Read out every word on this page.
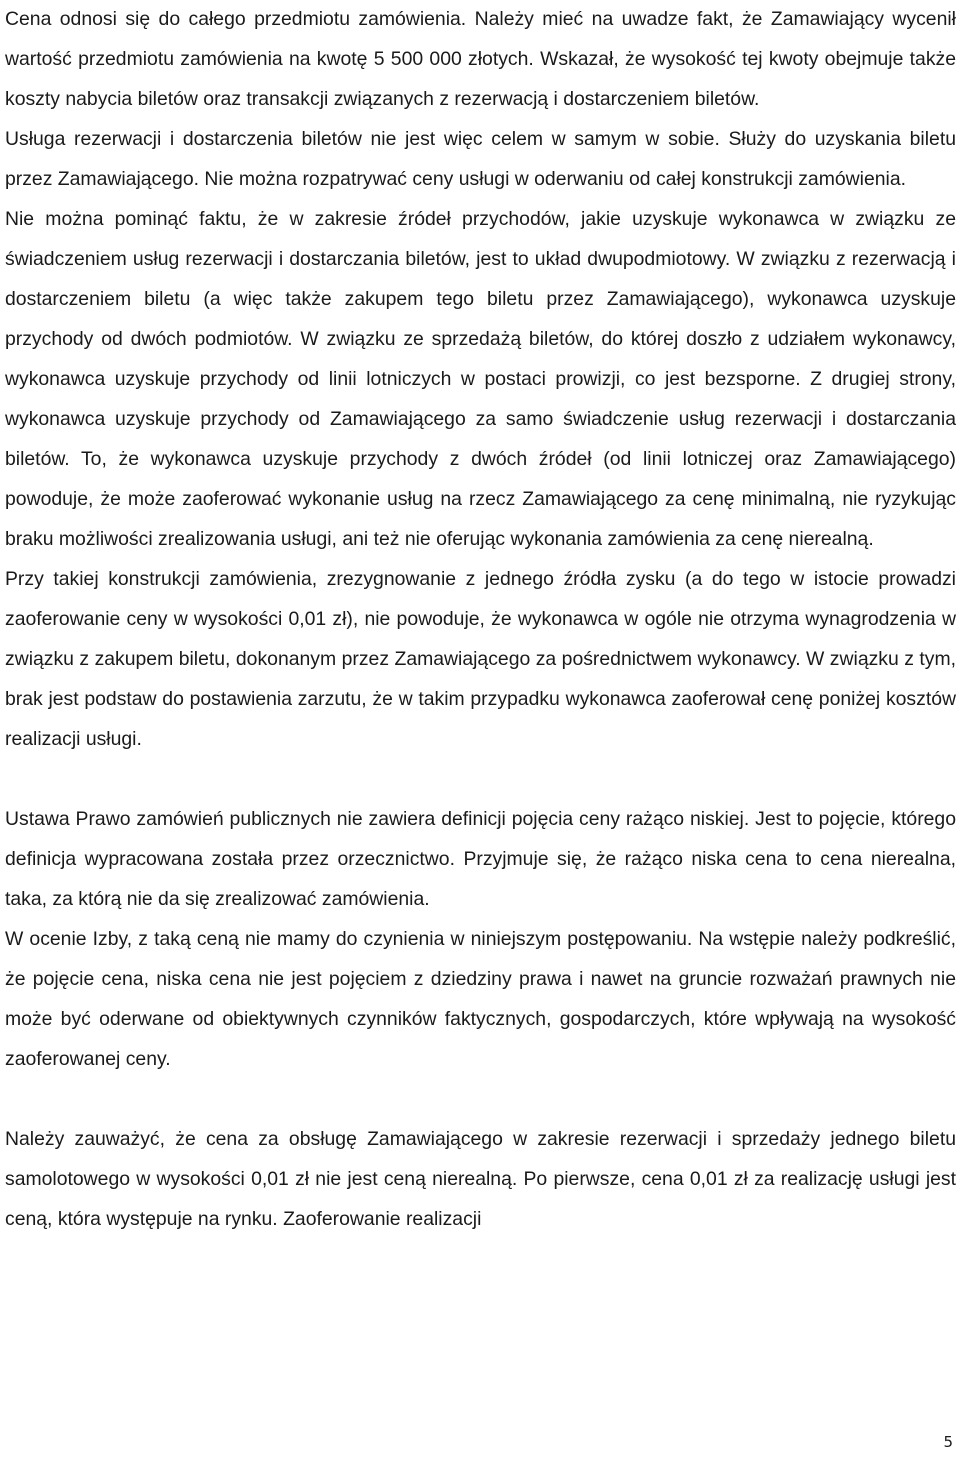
Cena odnosi się do całego przedmiotu zamówienia. Należy mieć na uwadze fakt, że Zamawiający wycenił wartość przedmiotu zamówienia na kwotę 5 500 000 złotych. Wskazał, że wysokość tej kwoty obejmuje także koszty nabycia biletów oraz transakcji związanych z rezerwacją i dostarczeniem biletów.

Usługa rezerwacji i dostarczenia biletów nie jest więc celem w samym w sobie. Służy do uzyskania biletu przez Zamawiającego. Nie można rozpatrywać ceny usługi w oderwaniu od całej konstrukcji zamówienia.

Nie można pominąć faktu, że w zakresie źródeł przychodów, jakie uzyskuje wykonawca w związku ze świadczeniem usług rezerwacji i dostarczania biletów, jest to układ dwupodmiotowy. W związku z rezerwacją i dostarczeniem biletu (a więc także zakupem tego biletu przez Zamawiającego), wykonawca uzyskuje przychody od dwóch podmiotów. W związku ze sprzedażą biletów, do której doszło z udziałem wykonawcy, wykonawca uzyskuje przychody od linii lotniczych w postaci prowizji, co jest bezsporne. Z drugiej strony, wykonawca uzyskuje przychody od Zamawiającego za samo świadczenie usług rezerwacji i dostarczania biletów. To, że wykonawca uzyskuje przychody z dwóch źródeł (od linii lotniczej oraz Zamawiającego) powoduje, że może zaoferować wykonanie usług na rzecz Zamawiającego za cenę minimalną, nie ryzykując braku możliwości zrealizowania usługi, ani też nie oferując wykonania zamówienia za cenę nierealną.

Przy takiej konstrukcji zamówienia, zrezygnowanie z jednego źródła zysku (a do tego w istocie prowadzi zaoferowanie ceny w wysokości 0,01 zł), nie powoduje, że wykonawca w ogóle nie otrzyma wynagrodzenia w związku z zakupem biletu, dokonanym przez Zamawiającego za pośrednictwem wykonawcy. W związku z tym, brak jest podstaw do postawienia zarzutu, że w takim przypadku wykonawca zaoferował cenę poniżej kosztów realizacji usługi.

Ustawa Prawo zamówień publicznych nie zawiera definicji pojęcia ceny rażąco niskiej. Jest to pojęcie, którego definicja wypracowana została przez orzecznictwo. Przyjmuje się, że rażąco niska cena to cena nierealna, taka, za którą nie da się zrealizować zamówienia.

W ocenie Izby, z taką ceną nie mamy do czynienia w niniejszym postępowaniu. Na wstępie należy podkreślić, że pojęcie cena, niska cena nie jest pojęciem z dziedziny prawa i nawet na gruncie rozważań prawnych nie może być oderwane od obiektywnych czynników faktycznych, gospodarczych, które wpływają na wysokość zaoferowanej ceny.

Należy zauważyć, że cena za obsługę Zamawiającego w zakresie rezerwacji i sprzedaży jednego biletu samolotowego w wysokości 0,01 zł nie jest ceną nierealną. Po pierwsze, cena 0,01 zł za realizację usługi jest ceną, która występuje na rynku. Zaoferowanie realizacji

5
